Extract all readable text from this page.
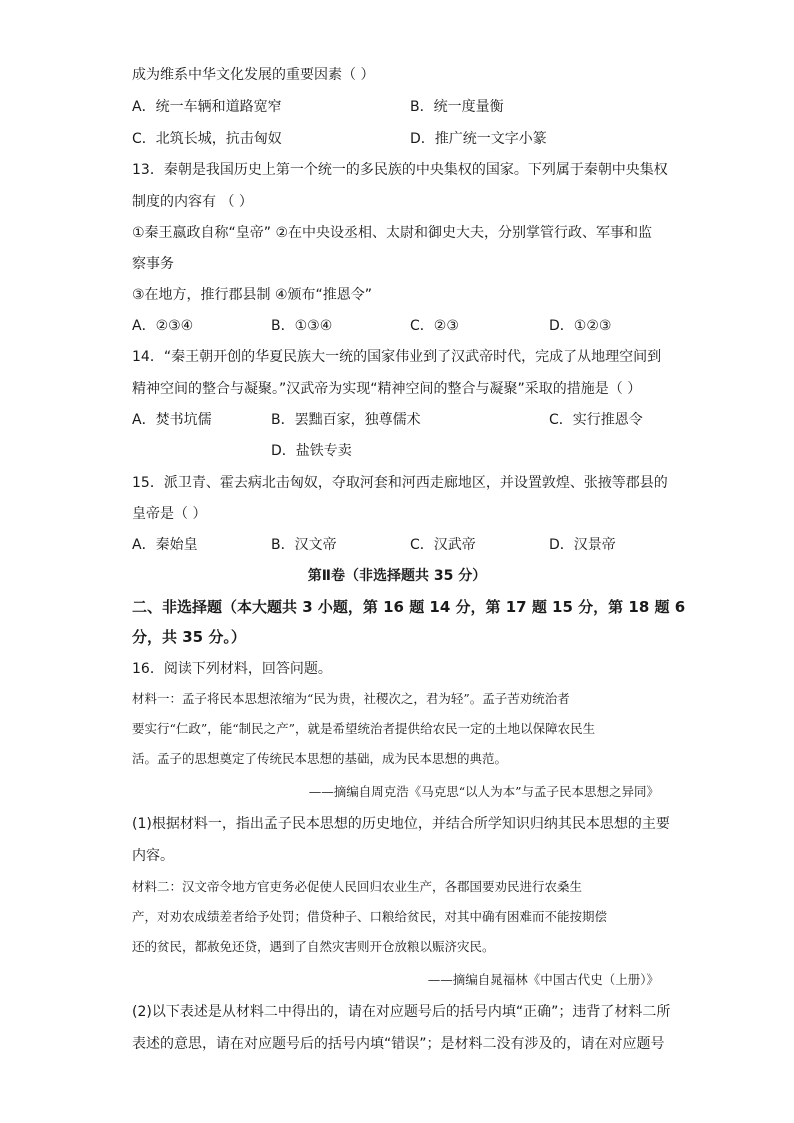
成为维系中华文化发展的重要因素（ ）
A．统一车辆和道路宽窄	B．统一度量衡
C．北筑长城，抗击匈奴	D．推广统一文字小篆
13．秦朝是我国历史上第一个统一的多民族的中央集权的国家。下列属于秦朝中央集权
制度的内容有 （ ）
①秦王嬴政自称“皇帝” ②在中央设丞相、太尉和御史大夫，分别掌管行政、军事和监
察事务
③在地方，推行郡县制 ④颁布“推恩令”
A．②③④	B．①③④	C．②③	D．①②③
14．“秦王朝开创的华夏民族大一统的国家伟业到了汉武帝时代，完成了从地理空间到
精神空间的整合与凝聚。”汉武帝为实现“精神空间的整合与凝聚”采取的措施是（ ）
A．焚书坑儒	B．罢黜百家，独尊儒术	C．实行推恩令
D．盐铁专卖
15．派卫青、霍去病北击匈奴，夺取河套和河西走廊地区，并设置敦煌、张掖等郡县的
皇帝是（ ）
A．秦始皇	B．汉文帝	C．汉武帝	D．汉景帝
第Ⅱ卷（非选择题共 35 分）
二、非选择题（本大题共 3 小题，第 16 题 14 分，第 17 题 15 分，第 18 题 6
分，共 35 分。）
16．阅读下列材料，回答问题。
材料一：孟子将民本思想浓缩为“民为贵，社稷次之，君为轻”。孟子苦劝统治者
要实行“仁政”，能“制民之产”，就是希望统治者提供给农民一定的土地以保障农民生
活。孟子的思想奠定了传统民本思想的基础，成为民本思想的典范。
——摘编自周克浩《马克思“以人为本”与孟子民本思想之异同》
(1)根据材料一，指出孟子民本思想的历史地位，并结合所学知识归纳其民本思想的主要
内容。
材料二：汉文帝令地方官吏务必促使人民回归农业生产，各郡国要劝民进行农桑生
产，对劝农成绩差者给予处罚；借贷种子、口粮给贫民，对其中确有困难而不能按期偿
还的贫民，都赦免还贷，遇到了自然灾害则开仓放粮以赈济灾民。
——摘编自晁福林《中国古代史（上册）》
(2)以下表述是从材料二中得出的，请在对应题号后的括号内填“正确”；违背了材料二所
表述的意思，请在对应题号后的括号内填“错误”；是材料二没有涉及的，请在对应题号
